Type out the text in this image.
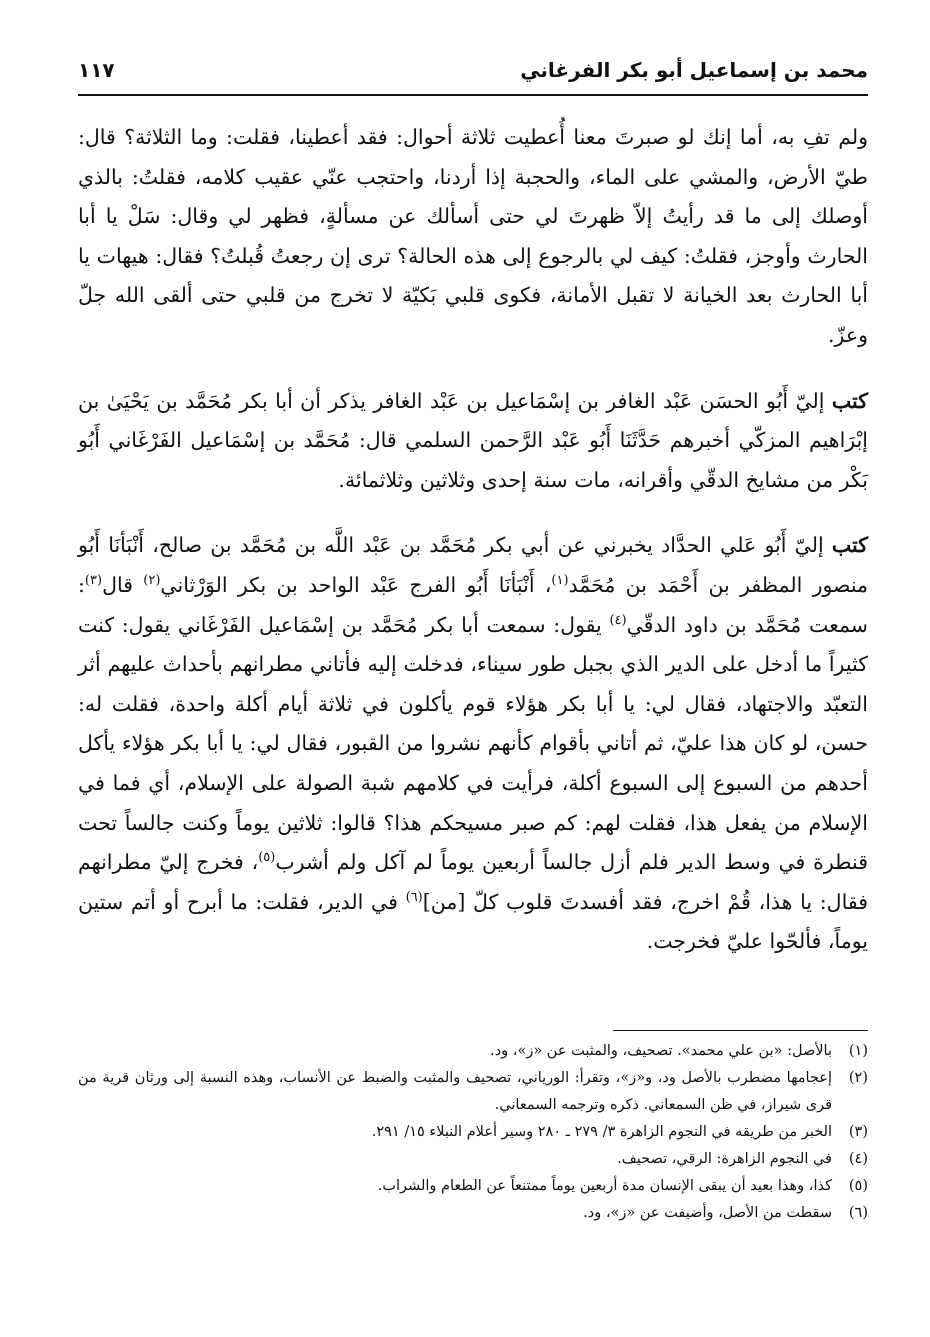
محمد بن إسماعيل أبو بكر الفرغاني
١١٧

ولم تفِ به، أما إنك لو صبرتَ معنا أُعطيت ثلاثة أحوال: فقد أعطينا، فقلت: وما الثلاثة؟ قال: طيّ الأرض، والمشي على الماء، والحجبة إذا أردنا، واحتجب عنّي عقيب كلامه، فقلتُ: بالذي أوصلك إلى ما قد رأيتُ إلاّ ظهرتَ لي حتى أسألك عن مسألةٍ، فظهر لي وقال: سَلْ يا أبا الحارث وأوجز، فقلتُ: كيف لي بالرجوع إلى هذه الحالة؟ ترى إن رجعتُ قُبلتُ؟ فقال: هيهات يا أبا الحارث بعد الخيانة لا تقبل الأمانة، فكوى قلبي بَكيّة لا تخرج من قلبي حتى ألقى الله جلّ وعزّ.

كتب إليّ أَبُو الحسَن عَبْد الغافر بن إسْمَاعيل بن عَبْد الغافر يذكر أن أبا بكر مُحَمَّد بن يَحْيَىٰ بن إبْرَاهيم المزكّي أخبرهم حَدَّثَنَا أَبُو عَبْد الرَّحمن السلمي قال: مُحَمَّد بن إسْمَاعيل الفَرْغَاني أَبُو بَكْر من مشايخ الدقّي وأقرانه، مات سنة إحدى وثلاثين وثلاثمائة.

كتب إليّ أَبُو عَلي الحدَّاد يخبرني عن أبي بكر مُحَمَّد بن عَبْد اللَّه بن مُحَمَّد بن صالح، أَنْبَأنَا أَبُو منصور المظفر بن أَحْمَد بن مُحَمَّد$^{(١)}$، أَنْبَأنَا أَبُو الفرج عَبْد الواحد بن بكر الوَرْثاني$^{(٢)}$ قال$^{(٣)}$: سمعت مُحَمَّد بن داود الدقّي$^{(٤)}$ يقول: سمعت أبا بكر مُحَمَّد بن إسْمَاعيل الفَرْغَاني يقول: كنت كثيراً ما أدخل على الدير الذي بجبل طور سيناء، فدخلت إليه فأتاني مطرانهم بأحداث عليهم أثر التعبّد والاجتهاد، فقال لي: يا أبا بكر هؤلاء قوم يأكلون في ثلاثة أيام أكلة واحدة، فقلت له: حسن، لو كان هذا عليّ، ثم أتاني بأقوام كأنهم نشروا من القبور، فقال لي: يا أبا بكر هؤلاء يأكل أحدهم من السبوع إلى السبوع أكلة، فرأيت في كلامهم شبة الصولة على الإسلام، أي فما في الإسلام من يفعل هذا، فقلت لهم: كم صبر مسيحكم هذا؟ قالوا: ثلاثين يوماً وكنت جالساً تحت قنطرة في وسط الدير فلم أزل جالساً أربعين يوماً لم آكل ولم أشرب$^{(٥)}$، فخرج إليّ مطرانهم فقال: يا هذا، قُمْ اخرج، فقد أفسدتَ قلوب كلّ [من]$^{(٦)}$ في الدير، فقلت: ما أبرح أو أتم ستين يوماً، فألحّوا عليّ فخرجت.

(١)
بالأصل: «بن علي محمد». تصحيف، والمثبت عن «ز»، ود.
(٢)
إعجامها مضطرب بالأصل ود، و«ز»، وتقرأ: الورياني، تصحيف والمثبت والضبط عن الأنساب، وهذه النسبة إلى ورثان قرية من قرى شيراز، في ظن السمعاني. ذكره وترجمه السمعاني.
(٣)
الخبر من طريقه في النجوم الزاهرة ٣/ ٢٧٩ ـ ٢٨٠ وسير أعلام النبلاء ١٥/ ٢٩١.
(٤)
في النجوم الزاهرة: الرقي، تصحيف.
(٥)
كذا، وهذا بعيد أن يبقى الإنسان مدة أربعين يوماً ممتنعاً عن الطعام والشراب.
(٦)
سقطت من الأصل، وأضيفت عن «ز»، ود.
